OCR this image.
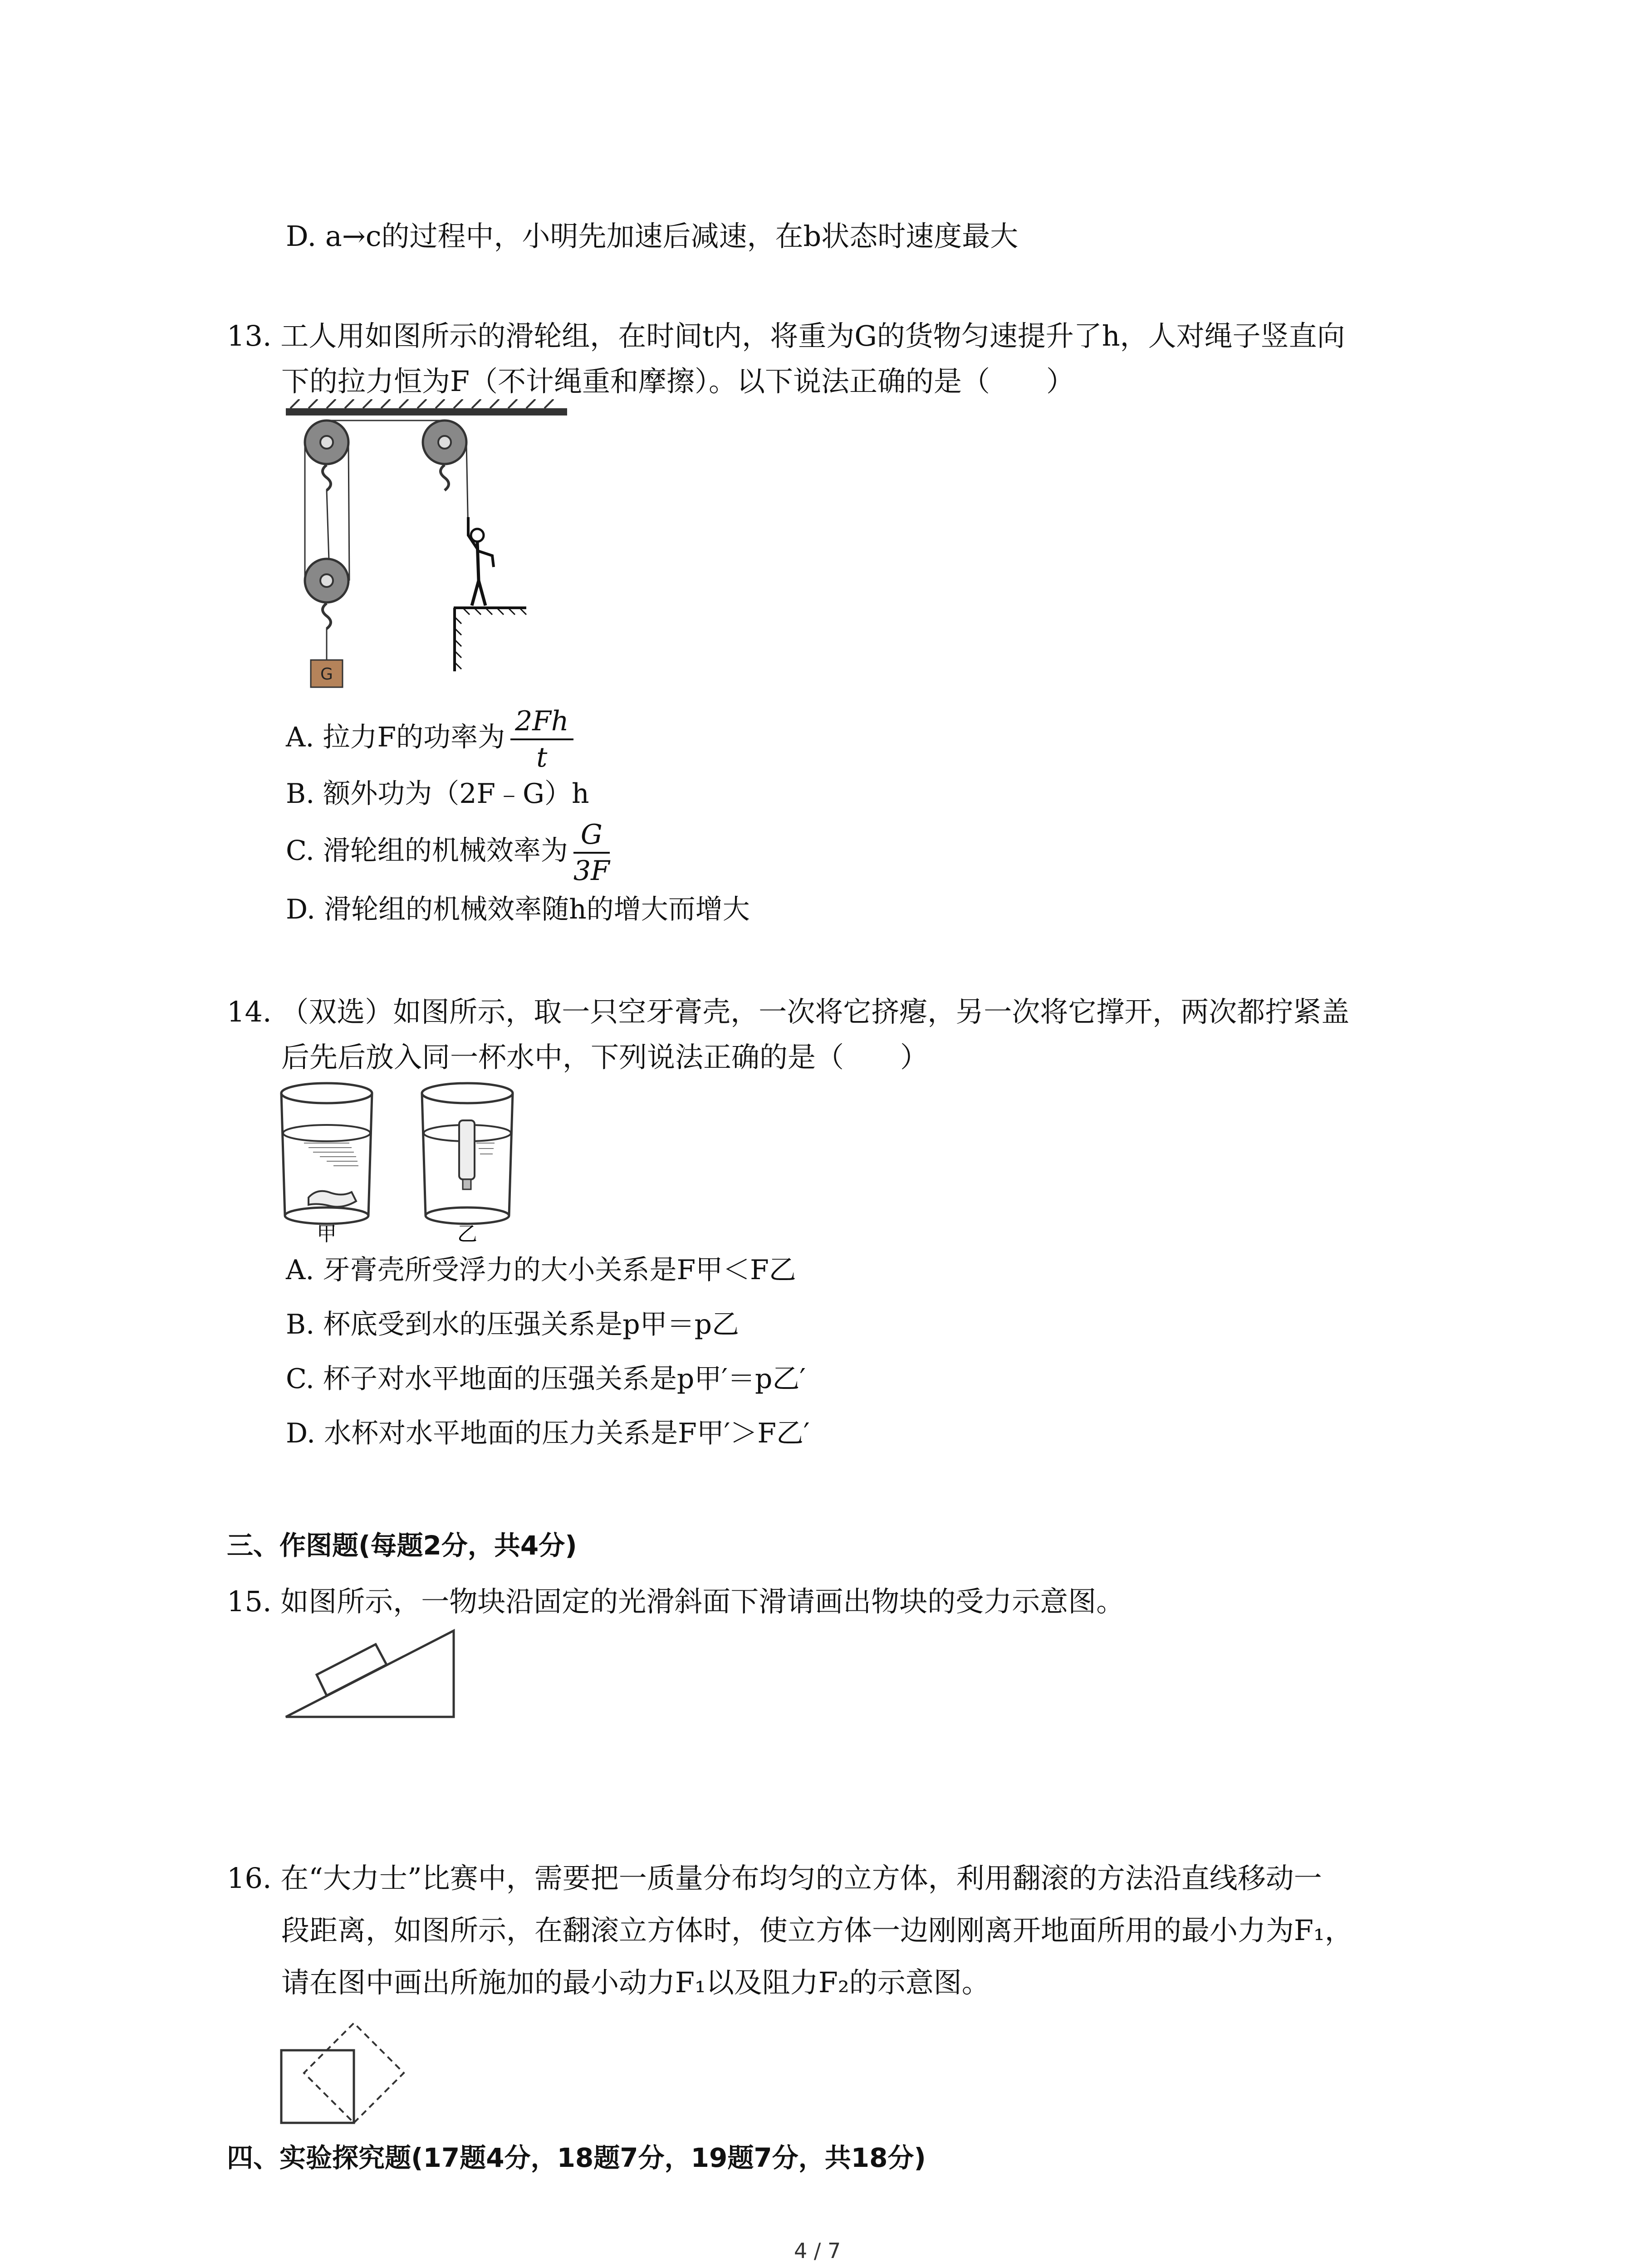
D. a→c的过程中，小明先加速后减速，在b状态时速度最大
13. 工人用如图所示的滑轮组，在时间t内，将重为G的货物匀速提升了h，人对绳子竖直向
下的拉力恒为F（不计绳重和摩擦）。以下说法正确的是（　　）
G
A. 拉力F的功率为 $\frac{2Fh}{t}$
B. 额外功为（2F﹣G）h
C. 滑轮组的机械效率为 $\frac{G}{3F}$
D. 滑轮组的机械效率随h的增大而增大
14. （双选）如图所示，取一只空牙膏壳，一次将它挤瘪，另一次将它撑开，两次都拧紧盖
后先后放入同一杯水中，下列说法正确的是（　　）
甲	乙
A. 牙膏壳所受浮力的大小关系是F甲＜F乙
B. 杯底受到水的压强关系是p甲＝p乙
C. 杯子对水平地面的压强关系是p甲′＝p乙′
D. 水杯对水平地面的压力关系是F甲′＞F乙′
三、作图题(每题2分，共4分)
15. 如图所示，一物块沿固定的光滑斜面下滑请画出物块的受力示意图。
16. 在“大力士”比赛中，需要把一质量分布均匀的立方体，利用翻滚的方法沿直线移动一
段距离，如图所示，在翻滚立方体时，使立方体一边刚刚离开地面所用的最小力为F₁，
请在图中画出所施加的最小动力F₁以及阻力F₂的示意图。
四、实验探究题(17题4分，18题7分，19题7分，共18分)
4 / 7
